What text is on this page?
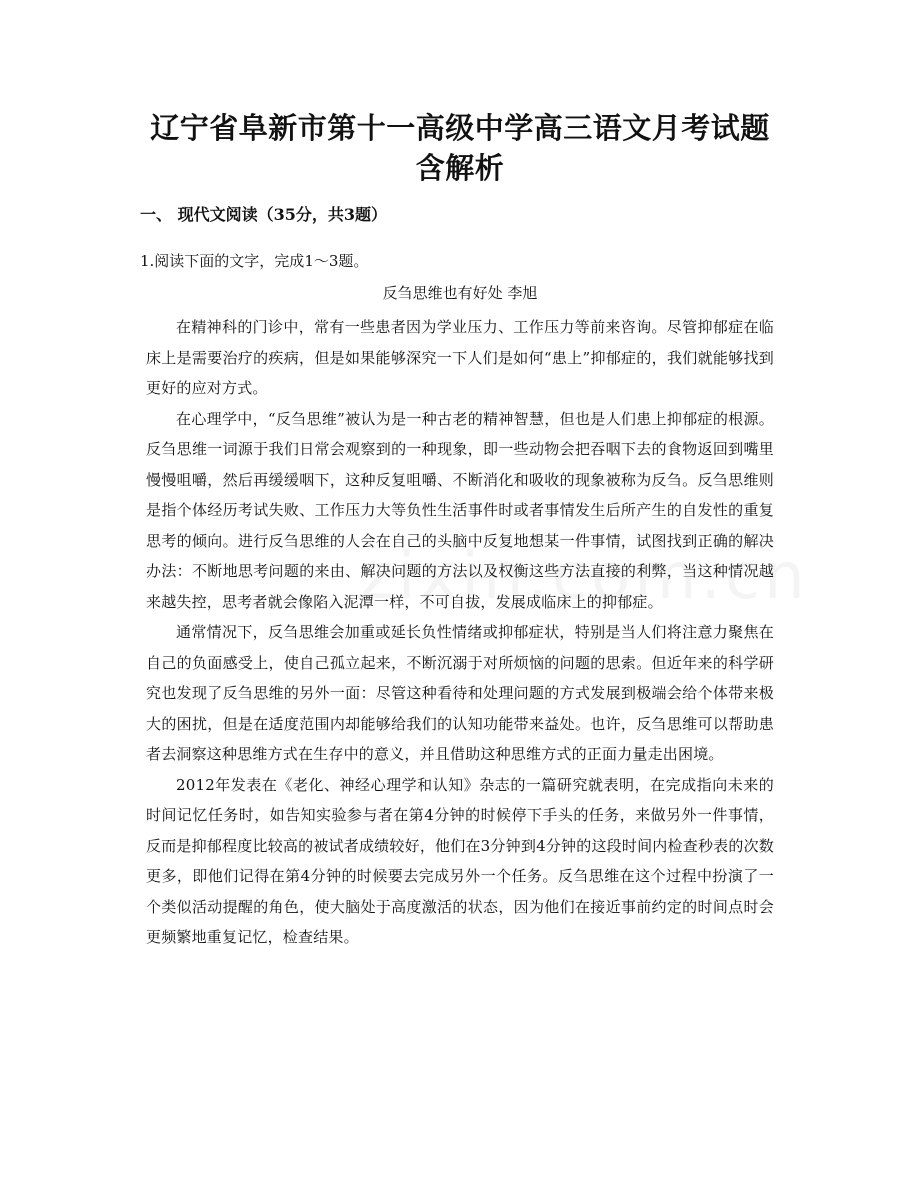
辽宁省阜新市第十一高级中学高三语文月考试题含解析
一、 现代文阅读（35分，共3题）
1.阅读下面的文字，完成1～3题。
反刍思维也有好处 李旭

在精神科的门诊中，常有一些患者因为学业压力、工作压力等前来咨询。尽管抑郁症在临床上是需要治疗的疾病，但是如果能够深究一下人们是如何“患上”抑郁症的，我们就能够找到更好的应对方式。

在心理学中，“反刍思维”被认为是一种古老的精神智慧，但也是人们患上抑郁症的根源。反刍思维一词源于我们日常会观察到的一种现象，即一些动物会把吞咽下去的食物返回到嘴里慢慢咀嚼，然后再缓缓咽下，这种反复咀嚼、不断消化和吸收的现象被称为反刍。反刍思维则是指个体经历考试失败、工作压力大等负性生活事件时或者事情发生后所产生的自发性的重复思考的倾向。进行反刍思维的人会在自己的头脑中反复地想某一件事情，试图找到正确的解决办法：不断地思考问题的来由、解决问题的方法以及权衡这些方法直接的利弊，当这种情况越来越失控，思考者就会像陷入泥潭一样，不可自拔，发展成临床上的抑郁症。

通常情况下，反刍思维会加重或延长负性情绪或抑郁症状，特别是当人们将注意力聚焦在自己的负面感受上，使自己孤立起来，不断沉溺于对所烦恼的问题的思索。但近年来的科学研究也发现了反刍思维的另外一面：尽管这种看待和处理问题的方式发展到极端会给个体带来极大的困扰，但是在适度范围内却能够给我们的认知功能带来益处。也许，反刍思维可以帮助患者去洞察这种思维方式在生存中的意义，并且借助这种思维方式的正面力量走出困境。

2012年发表在《老化、神经心理学和认知》杂志的一篇研究就表明，在完成指向未来的时间记忆任务时，如告知实验参与者在第4分钟的时候停下手头的任务，来做另外一件事情，反而是抑郁程度比较高的被试者成绩较好，他们在3分钟到4分钟的这段时间内检查秒表的次数更多，即他们记得在第4分钟的时候要去完成另外一个任务。反刍思维在这个过程中扮演了一个类似活动提醒的角色，使大脑处于高度激活的状态，因为他们在接近事前约定的时间点时会更频繁地重复记忆，检查结果。
